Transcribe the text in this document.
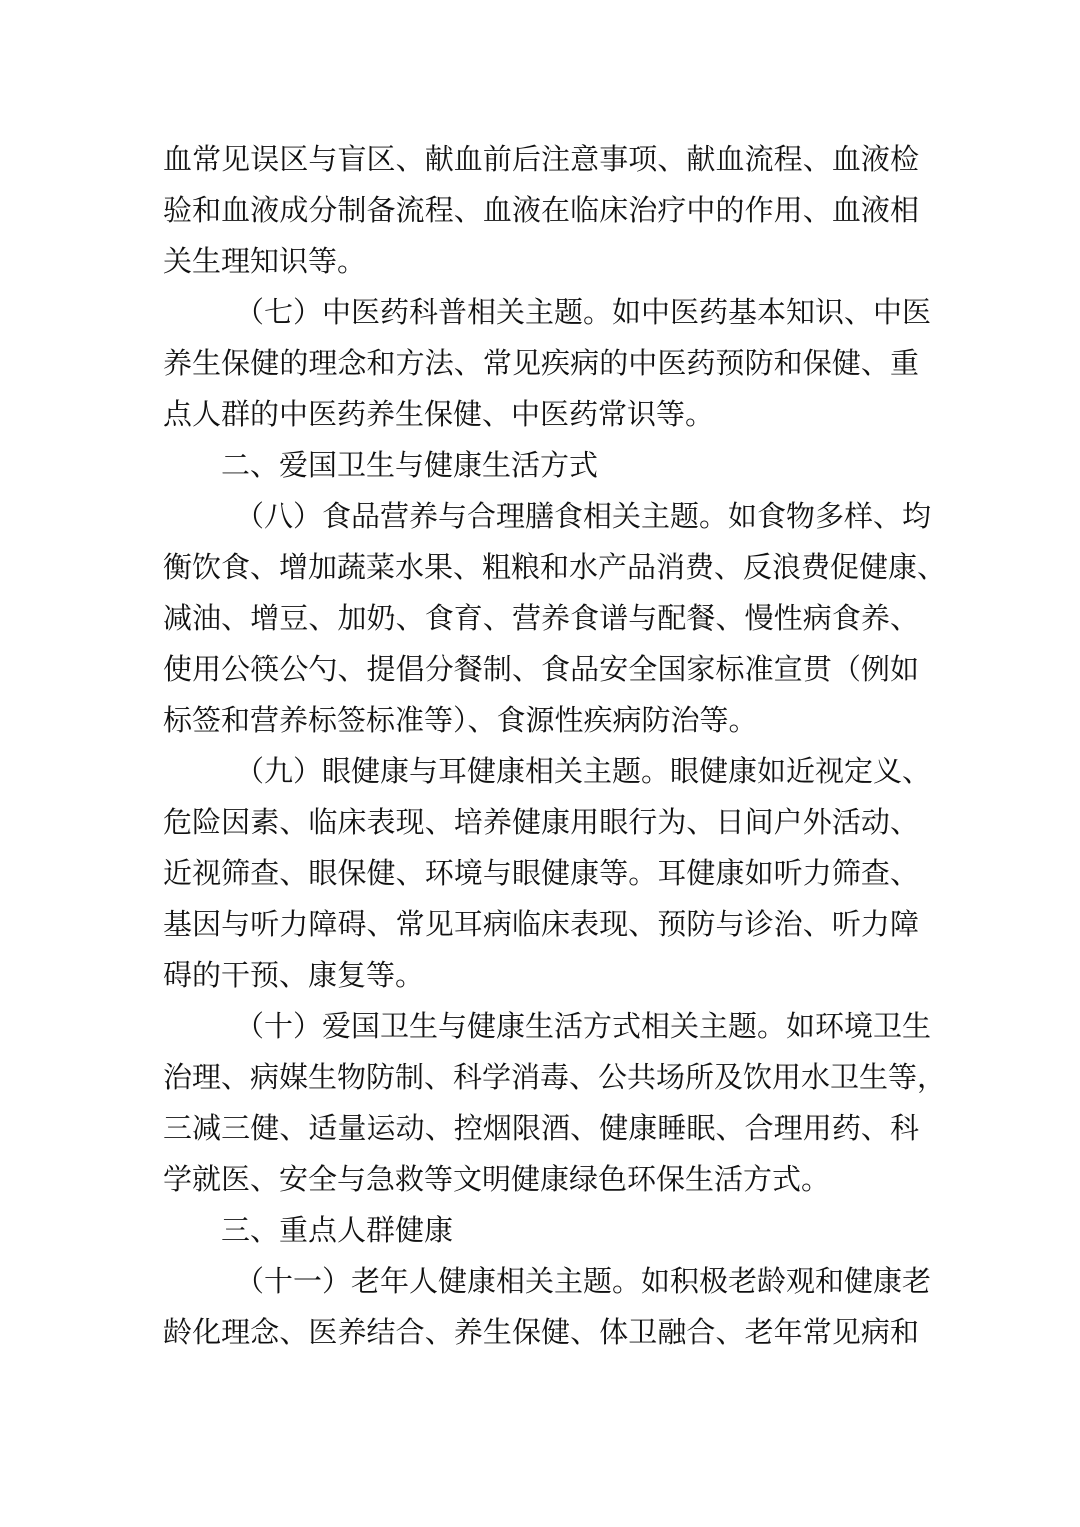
血常见误区与盲区、献血前后注意事项、献血流程、血液检
验和血液成分制备流程、血液在临床治疗中的作用、血液相
关生理知识等。
（七）中医药科普相关主题。如中医药基本知识、中医
养生保健的理念和方法、常见疾病的中医药预防和保健、重
点人群的中医药养生保健、中医药常识等。
二、爱国卫生与健康生活方式
（八）食品营养与合理膳食相关主题。如食物多样、均
衡饮食、增加蔬菜水果、粗粮和水产品消费、反浪费促健康、
减油、增豆、加奶、食育、营养食谱与配餐、慢性病食养、
使用公筷公勺、提倡分餐制、食品安全国家标准宣贯（例如
标签和营养标签标准等）、食源性疾病防治等。
（九）眼健康与耳健康相关主题。眼健康如近视定义、
危险因素、临床表现、培养健康用眼行为、日间户外活动、
近视筛查、眼保健、环境与眼健康等。耳健康如听力筛查、
基因与听力障碍、常见耳病临床表现、预防与诊治、听力障
碍的干预、康复等。
（十）爱国卫生与健康生活方式相关主题。如环境卫生
治理、病媒生物防制、科学消毒、公共场所及饮用水卫生等，
三减三健、适量运动、控烟限酒、健康睡眠、合理用药、科
学就医、安全与急救等文明健康绿色环保生活方式。
三、重点人群健康
（十一）老年人健康相关主题。如积极老龄观和健康老
龄化理念、医养结合、养生保健、体卫融合、老年常见病和
